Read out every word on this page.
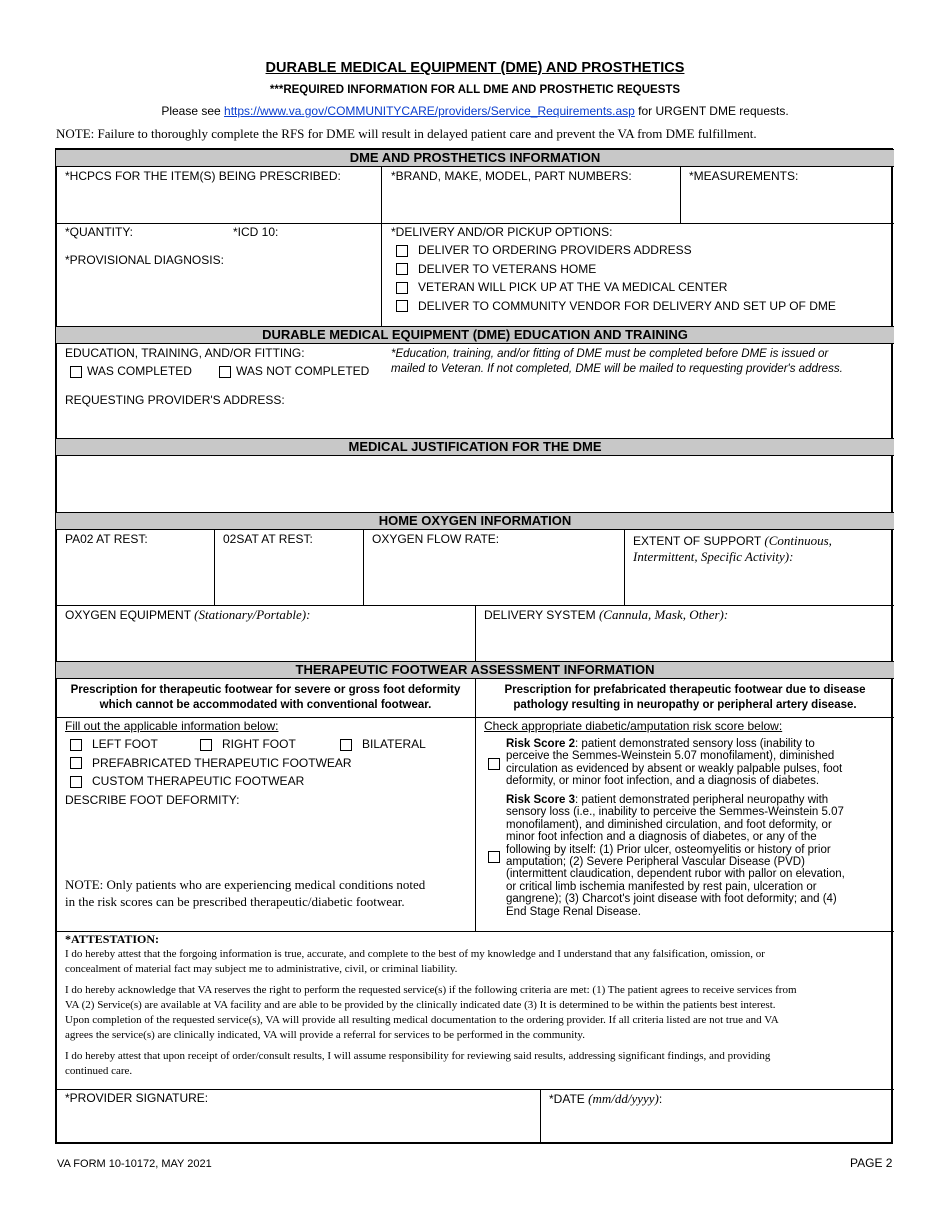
DURABLE MEDICAL EQUIPMENT (DME) AND PROSTHETICS
***REQUIRED INFORMATION FOR ALL DME AND PROSTHETIC REQUESTS
Please see https://www.va.gov/COMMUNITYCARE/providers/Service_Requirements.asp for URGENT DME requests.
NOTE: Failure to thoroughly complete the RFS for DME will result in delayed patient care and prevent the VA from DME fulfillment.
DME AND PROSTHETICS INFORMATION
*HCPCS FOR THE ITEM(S) BEING PRESCRIBED:	*BRAND, MAKE, MODEL, PART NUMBERS:	*MEASUREMENTS:
*QUANTITY:	*ICD 10:
*PROVISIONAL DIAGNOSIS:
*DELIVERY AND/OR PICKUP OPTIONS:
DELIVER TO ORDERING PROVIDERS ADDRESS
DELIVER TO VETERANS HOME
VETERAN WILL PICK UP AT THE VA MEDICAL CENTER
DELIVER TO COMMUNITY VENDOR FOR DELIVERY AND SET UP OF DME
DURABLE MEDICAL EQUIPMENT (DME) EDUCATION AND TRAINING
EDUCATION, TRAINING, AND/OR FITTING:
WAS COMPLETED	WAS NOT COMPLETED
*Education, training, and/or fitting of DME must be completed before DME is issued or
mailed to Veteran. If not completed, DME will be mailed to requesting provider's address.
REQUESTING PROVIDER'S ADDRESS:
MEDICAL JUSTIFICATION FOR THE DME
HOME OXYGEN INFORMATION
PA02 AT REST:	02SAT AT REST:	OXYGEN FLOW RATE:	EXTENT OF SUPPORT (Continuous,
Intermittent, Specific Activity):
OXYGEN EQUIPMENT (Stationary/Portable):	DELIVERY SYSTEM (Cannula, Mask, Other):
THERAPEUTIC FOOTWEAR ASSESSMENT INFORMATION
Prescription for therapeutic footwear for severe or gross foot deformity
which cannot be accommodated with conventional footwear.
Prescription for prefabricated therapeutic footwear due to disease
pathology resulting in neuropathy or peripheral artery disease.
Fill out the applicable information below:
LEFT FOOT	RIGHT FOOT	BILATERAL
PREFABRICATED THERAPEUTIC FOOTWEAR
CUSTOM THERAPEUTIC FOOTWEAR
DESCRIBE FOOT DEFORMITY:
NOTE: Only patients who are experiencing medical conditions noted
in the risk scores can be prescribed therapeutic/diabetic footwear.
Check appropriate diabetic/amputation risk score below:
Risk Score 2: patient demonstrated sensory loss (inability to
perceive the Semmes-Weinstein 5.07 monofilament), diminished
circulation as evidenced by absent or weakly palpable pulses, foot
deformity, or minor foot infection, and a diagnosis of diabetes.
Risk Score 3: patient demonstrated peripheral neuropathy with
sensory loss (i.e., inability to perceive the Semmes-Weinstein 5.07
monofilament), and diminished circulation, and foot deformity, or
minor foot infection and a diagnosis of diabetes, or any of the
following by itself: (1) Prior ulcer, osteomyelitis or history of prior
amputation; (2) Severe Peripheral Vascular Disease (PVD)
(intermittent claudication, dependent rubor with pallor on elevation,
or critical limb ischemia manifested by rest pain, ulceration or
gangrene); (3) Charcot's joint disease with foot deformity; and (4)
End Stage Renal Disease.
*ATTESTATION:
I do hereby attest that the forgoing information is true, accurate, and complete to the best of my knowledge and I understand that any falsification, omission, or
concealment of material fact may subject me to administrative, civil, or criminal liability.
I do hereby acknowledge that VA reserves the right to perform the requested service(s) if the following criteria are met: (1) The patient agrees to receive services from
VA (2) Service(s) are available at VA facility and are able to be provided by the clinically indicated date (3) It is determined to be within the patients best interest.
Upon completion of the requested service(s), VA will provide all resulting medical documentation to the ordering provider. If all criteria listed are not true and VA
agrees the service(s) are clinically indicated, VA will provide a referral for services to be performed in the community.
I do hereby attest that upon receipt of order/consult results, I will assume responsibility for reviewing said results, addressing significant findings, and providing
continued care.
*PROVIDER SIGNATURE:	*DATE (mm/dd/yyyy):
VA FORM 10-10172, MAY 2021	PAGE 2
